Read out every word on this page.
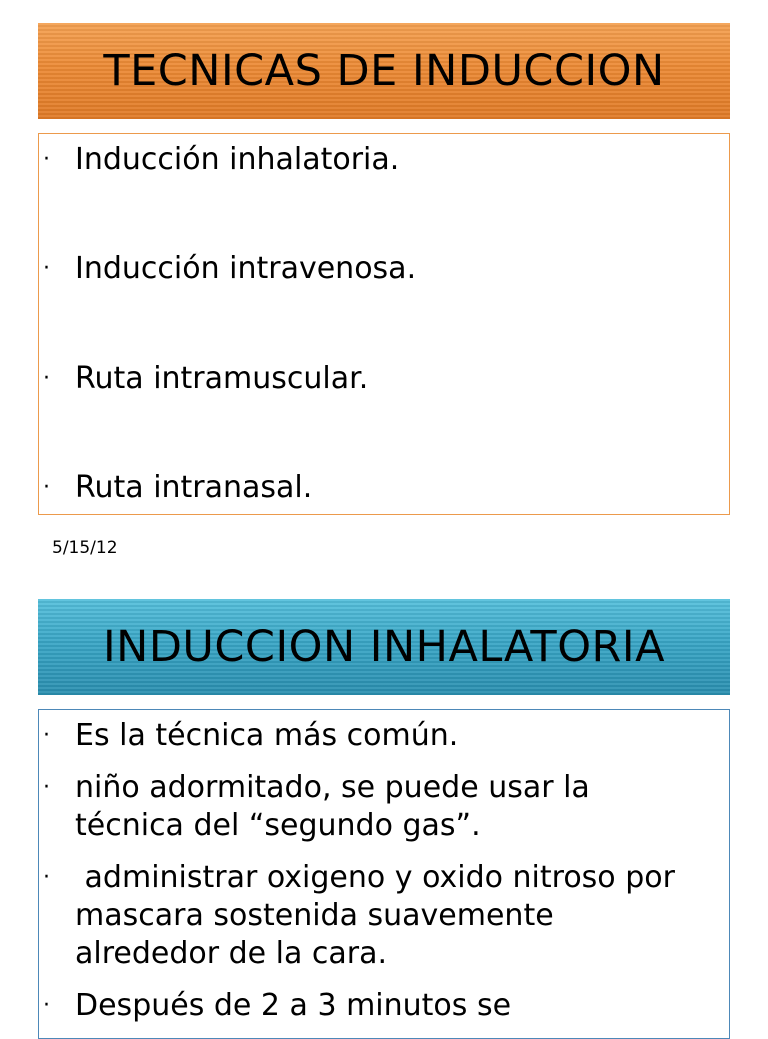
TECNICAS DE INDUCCION
· Inducción inhalatoria.
· Inducción intravenosa.
· Ruta intramuscular.
· Ruta intranasal.
5/15/12
INDUCCION INHALATORIA
· Es la técnica más común.
· niño adormitado, se puede usar la técnica del “segundo gas”.
· administrar oxigeno y oxido nitroso por mascara sostenida suavemente alrededor de la cara.
· Después de 2 a 3 minutos se
